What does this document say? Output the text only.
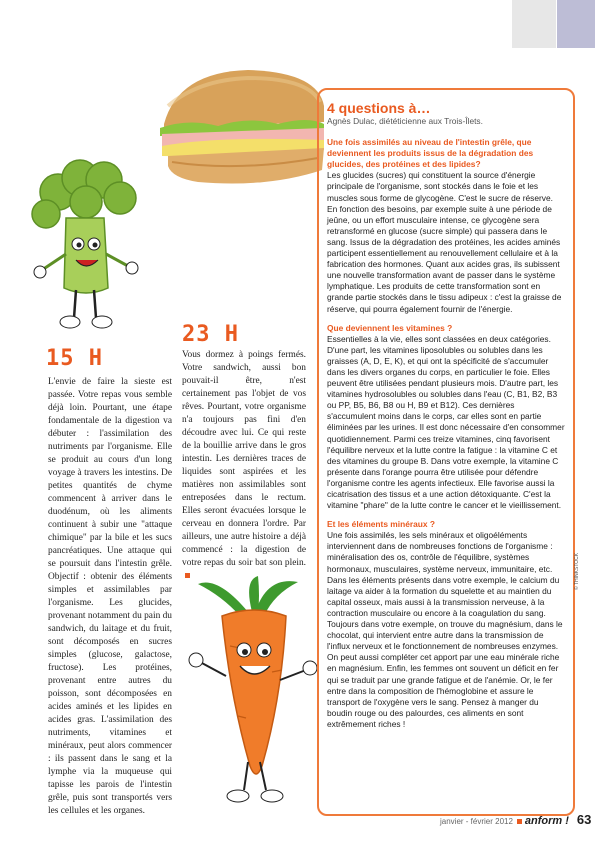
15 H
L'envie de faire la sieste est passée. Votre repas vous semble déjà loin. Pourtant, une étape fondamentale de la digestion va débuter : l'assimilation des nutriments par l'organisme. Elle se produit au cours d'un long voyage à travers les intestins. De petites quantités de chyme commencent à arriver dans le duodénum, où les aliments continuent à subir une "attaque chimique" par la bile et les sucs pancréatiques. Une attaque qui se poursuit dans l'intestin grêle. Objectif : obtenir des éléments simples et assimilables par l'organisme. Les glucides, provenant notamment du pain du sandwich, du laitage et du fruit, sont décomposés en sucres simples (glucose, galactose, fructose). Les protéines, provenant entre autres du poisson, sont décomposées en acides aminés et les lipides en acides gras. L'assimilation des nutriments, vitamines et minéraux, peut alors commencer : ils passent dans le sang et la lymphe via la muqueuse qui tapisse les parois de l'intestin grêle, puis sont transportés vers les cellules et les organes.
23 H
Vous dormez à poings fermés. Votre sandwich, aussi bon pouvait-il être, n'est certainement pas l'objet de vos rêves. Pourtant, votre organisme n'a toujours pas fini d'en découdre avec lui. Ce qui reste de la bouillie arrive dans le gros intestin. Les dernières traces de liquides sont aspirées et les matières non assimilables sont entreposées dans le rectum. Elles seront évacuées lorsque le cerveau en donnera l'ordre. Par ailleurs, une autre histoire a déjà commencé : la digestion de votre repas du soir bat son plein.
4 questions à…
Agnès Dulac, diététicienne aux Trois-Îlets.

Une fois assimilés au niveau de l'intestin grêle, que deviennent les produits issus de la dégradation des glucides, des protéines et des lipides?

Les glucides (sucres) qui constituent la source d'énergie principale de l'organisme, sont stockés dans le foie et les muscles sous forme de glycogène. C'est le sucre de réserve. En fonction des besoins, par exemple suite à une période de jeûne, ou un effort musculaire intense, ce glycogène sera retransformé en glucose (sucre simple) qui passera dans le sang. Issus de la dégradation des protéines, les acides aminés participent essentiellement au renouvellement cellulaire et à la fabrication des hormones. Quant aux acides gras, ils subissent une nouvelle transformation avant de passer dans le système lymphatique. Les produits de cette transformation sont en grande partie stockés dans le tissu adipeux : c'est la graisse de réserve, qui pourra également fournir de l'énergie.

Que deviennent les vitamines ?

Essentielles à la vie, elles sont classées en deux catégories. D'une part, les vitamines liposolubles ou solubles dans les graisses (A, D, E, K), et qui ont la spécificité de s'accumuler dans les divers organes du corps, en particulier le foie. Elles peuvent être utilisées pendant plusieurs mois. D'autre part, les vitamines hydrosolubles ou solubles dans l'eau (C, B1, B2, B3 ou PP, B5, B6, B8 ou H, B9 et B12). Ces dernières s'accumulent moins dans le corps, car elles sont en partie éliminées par les urines. Il est donc nécessaire d'en consommer quotidiennement. Parmi ces treize vitamines, cinq favorisent l'équilibre nerveux et la lutte contre la fatigue : la vitamine C et des vitamines du groupe B. Dans votre exemple, la vitamine C présente dans l'orange pourra être utilisée pour défendre l'organisme contre les agents infectieux. Elle favorise aussi la cicatrisation des tissus et a une action détoxiquante. C'est la vitamine "phare" de la lutte contre le cancer et le vieillissement.

Et les éléments minéraux ?

Une fois assimilés, les sels minéraux et oligoéléments interviennent dans de nombreuses fonctions de l'organisme : minéralisation des os, contrôle de l'équilibre, systèmes hormonaux, musculaires, système nerveux, immunitaire, etc. Dans les éléments présents dans votre exemple, le calcium du laitage va aider à la formation du squelette et au maintien du capital osseux, mais aussi à la transmission nerveuse, à la contraction musculaire ou encore à la coagulation du sang. Toujours dans votre exemple, on trouve du magnésium, dans le chocolat, qui intervient entre autre dans la transmission de l'influx nerveux et le fonctionnement de nombreuses enzymes. On peut aussi compléter cet apport par une eau minérale riche en magnésium. Enfin, les femmes ont souvent un déficit en fer qui se traduit par une grande fatigue et de l'anémie. Or, le fer entre dans la composition de l'hémoglobine et assure le transport de l'oxygène vers le sang. Pensez à manger du boudin rouge ou des palourdes, ces aliments en sont extrêmement riches !

© THINKSTOCK
janvier - février 2012 anform ! 63
